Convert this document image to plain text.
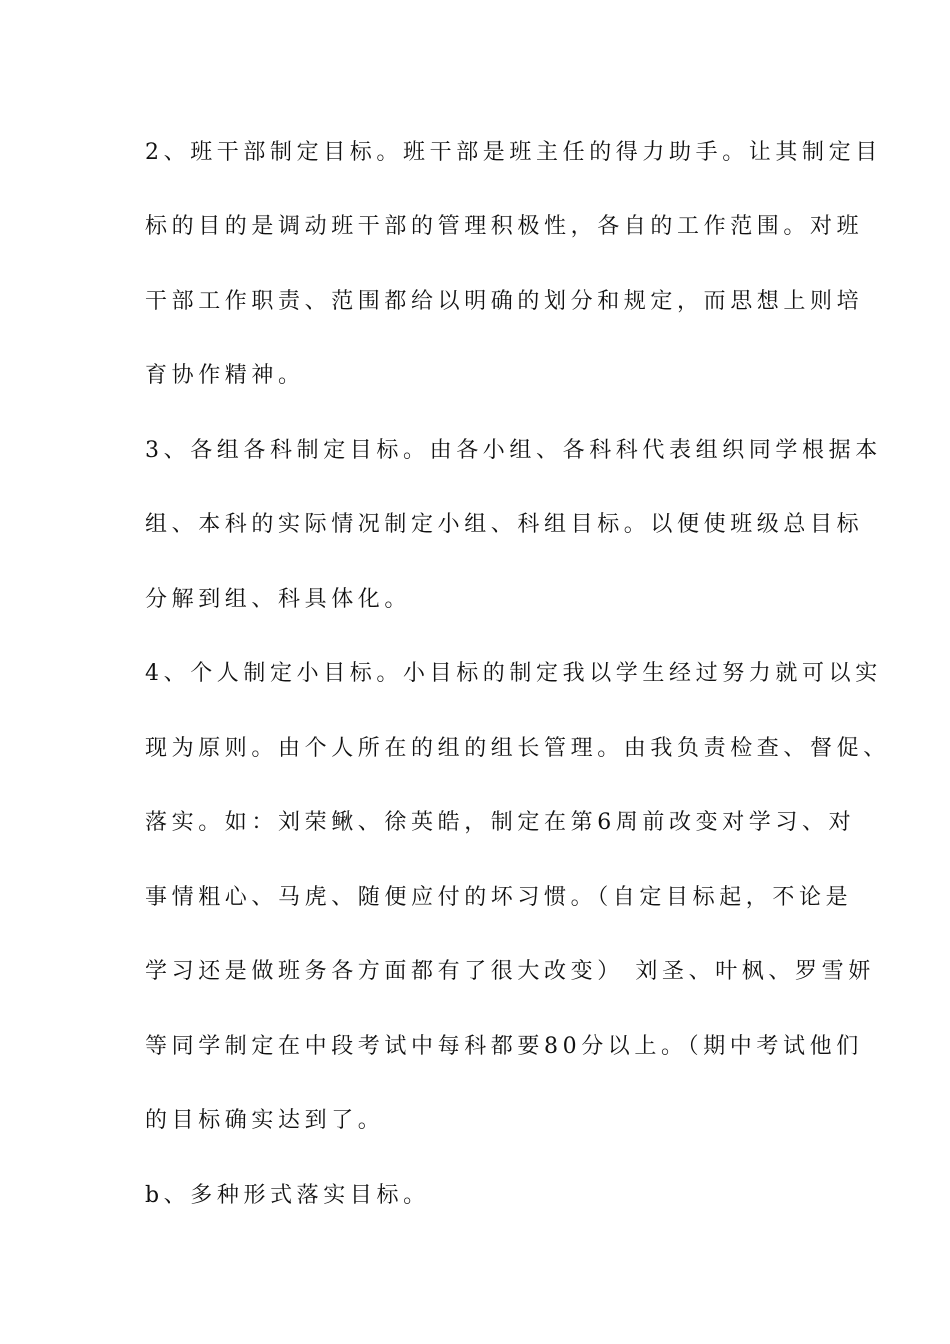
2、班干部制定目标。班干部是班主任的得力助手。让其制定目
标的目的是调动班干部的管理积极性，各自的工作范围。对班
干部工作职责、范围都给以明确的划分和规定，而思想上则培
育协作精神。
3、各组各科制定目标。由各小组、各科科代表组织同学根据本
组、本科的实际情况制定小组、科组目标。以便使班级总目标
分解到组、科具体化。
4、个人制定小目标。小目标的制定我以学生经过努力就可以实
现为原则。由个人所在的组的组长管理。由我负责检查、督促、
落实。如：刘荣鳅、徐英皓，制定在第6周前改变对学习、对
事情粗心、马虎、随便应付的坏习惯。（自定目标起，不论是
学习还是做班务各方面都有了很大改变） 刘圣、叶枫、罗雪妍
等同学制定在中段考试中每科都要80分以上。（期中考试他们
的目标确实达到了。
b、多种形式落实目标。
